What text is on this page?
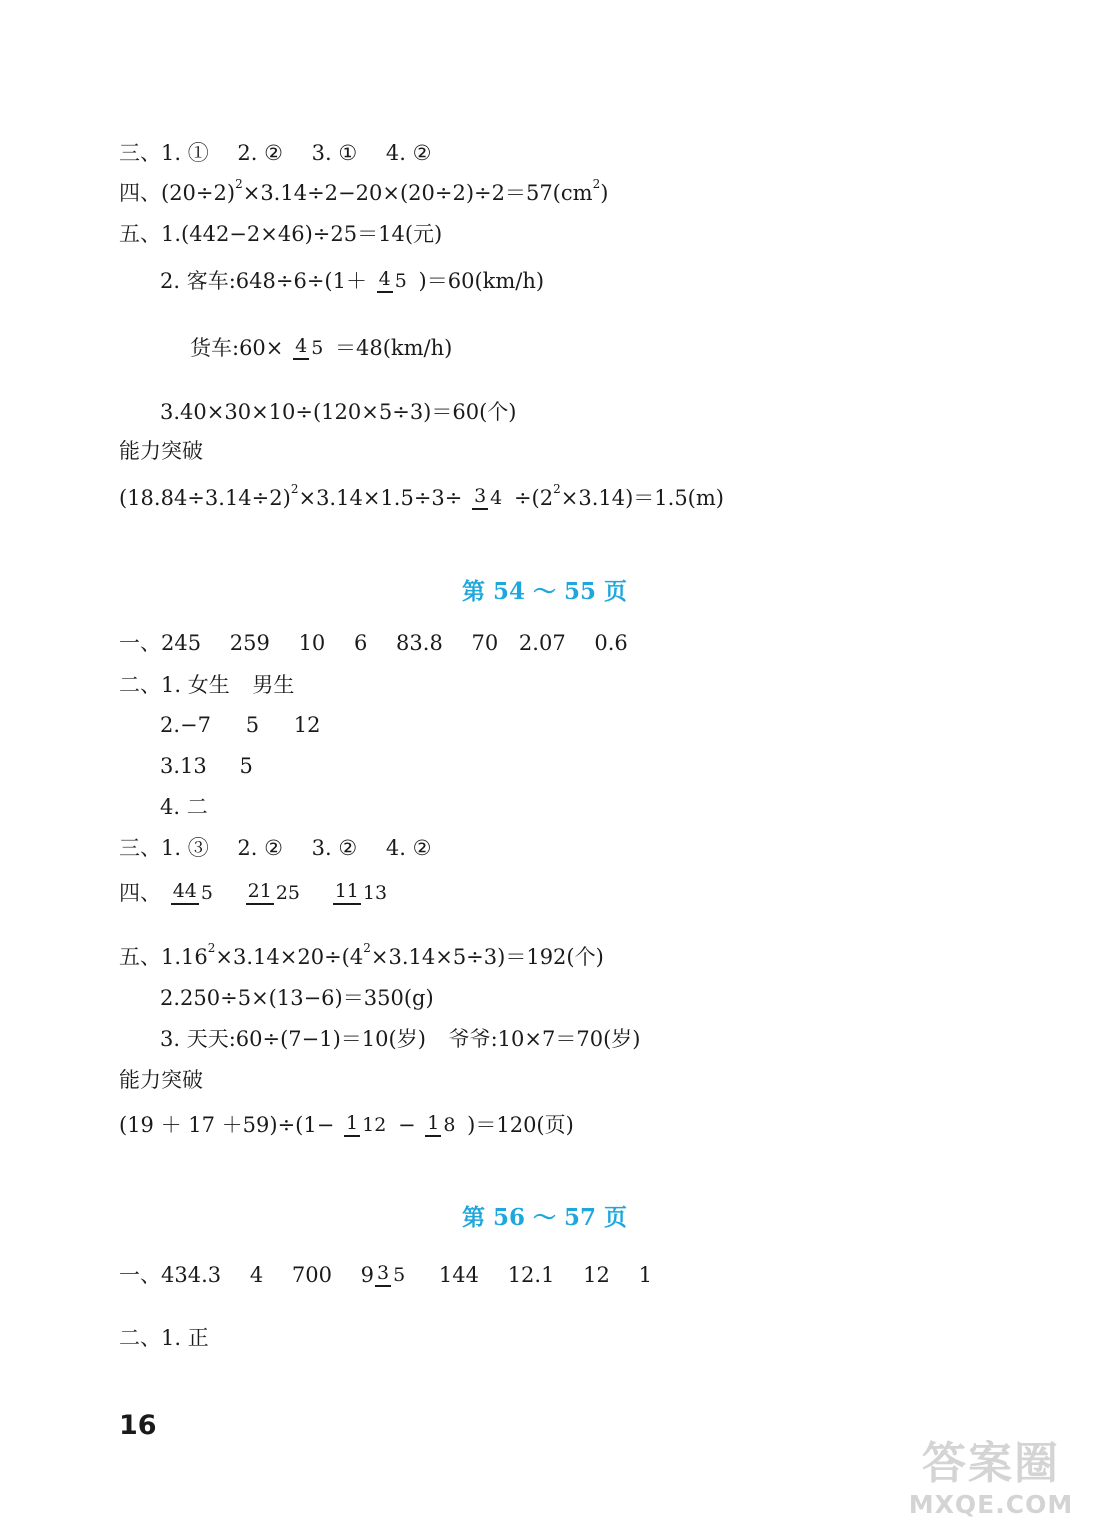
三、1. ① 2. ② 3. ① 4. ②
四、$(20\div 2)^2\times 3.14\div 2-20\times(20\div 2)\div 2=57(cm^2)$
五、1.(442−2×46)÷25＝14(元)
2. 客车:648÷6÷(1＋ 4 5 )＝60(km/h)
货车:60× 4 5 ＝48(km/h)
3.40×30×10÷(120×5÷3)＝60(个)
能力突破
$(18.84\div 3.14\div 2)^2\times 3.14\times 1.5\div 3\div 3$ $4 \div(2^2\times 3.14)=1.5(m)$
第 54 ～ 55 页
一、245 259 10 6 83.8 70 2.07 0.6
二、1. 女生 男生
2.−7 5 12
3.13 5
4. 二
三、1. ③ 2. ② 3. ② 4. ②
四、 44 5 21 25 11 13
五、$1.16^2\times 3.14\times 20\div(4^2\times 3.14\times 5\div 3)=192$(个)
2.250÷5×(13−6)＝350(g)
3. 天天:60÷(7−1)＝10(岁) 爷爷:10×7＝70(岁)
能力突破
(19 ＋ 17 ＋59)÷(1− 1 12 − 1 8 )＝120(页)
第 56 ～ 57 页
一、434.3 4 700 9 3 5 144 12.1 12 1
二、1. 正
16
答案圈
MXQE.COM
